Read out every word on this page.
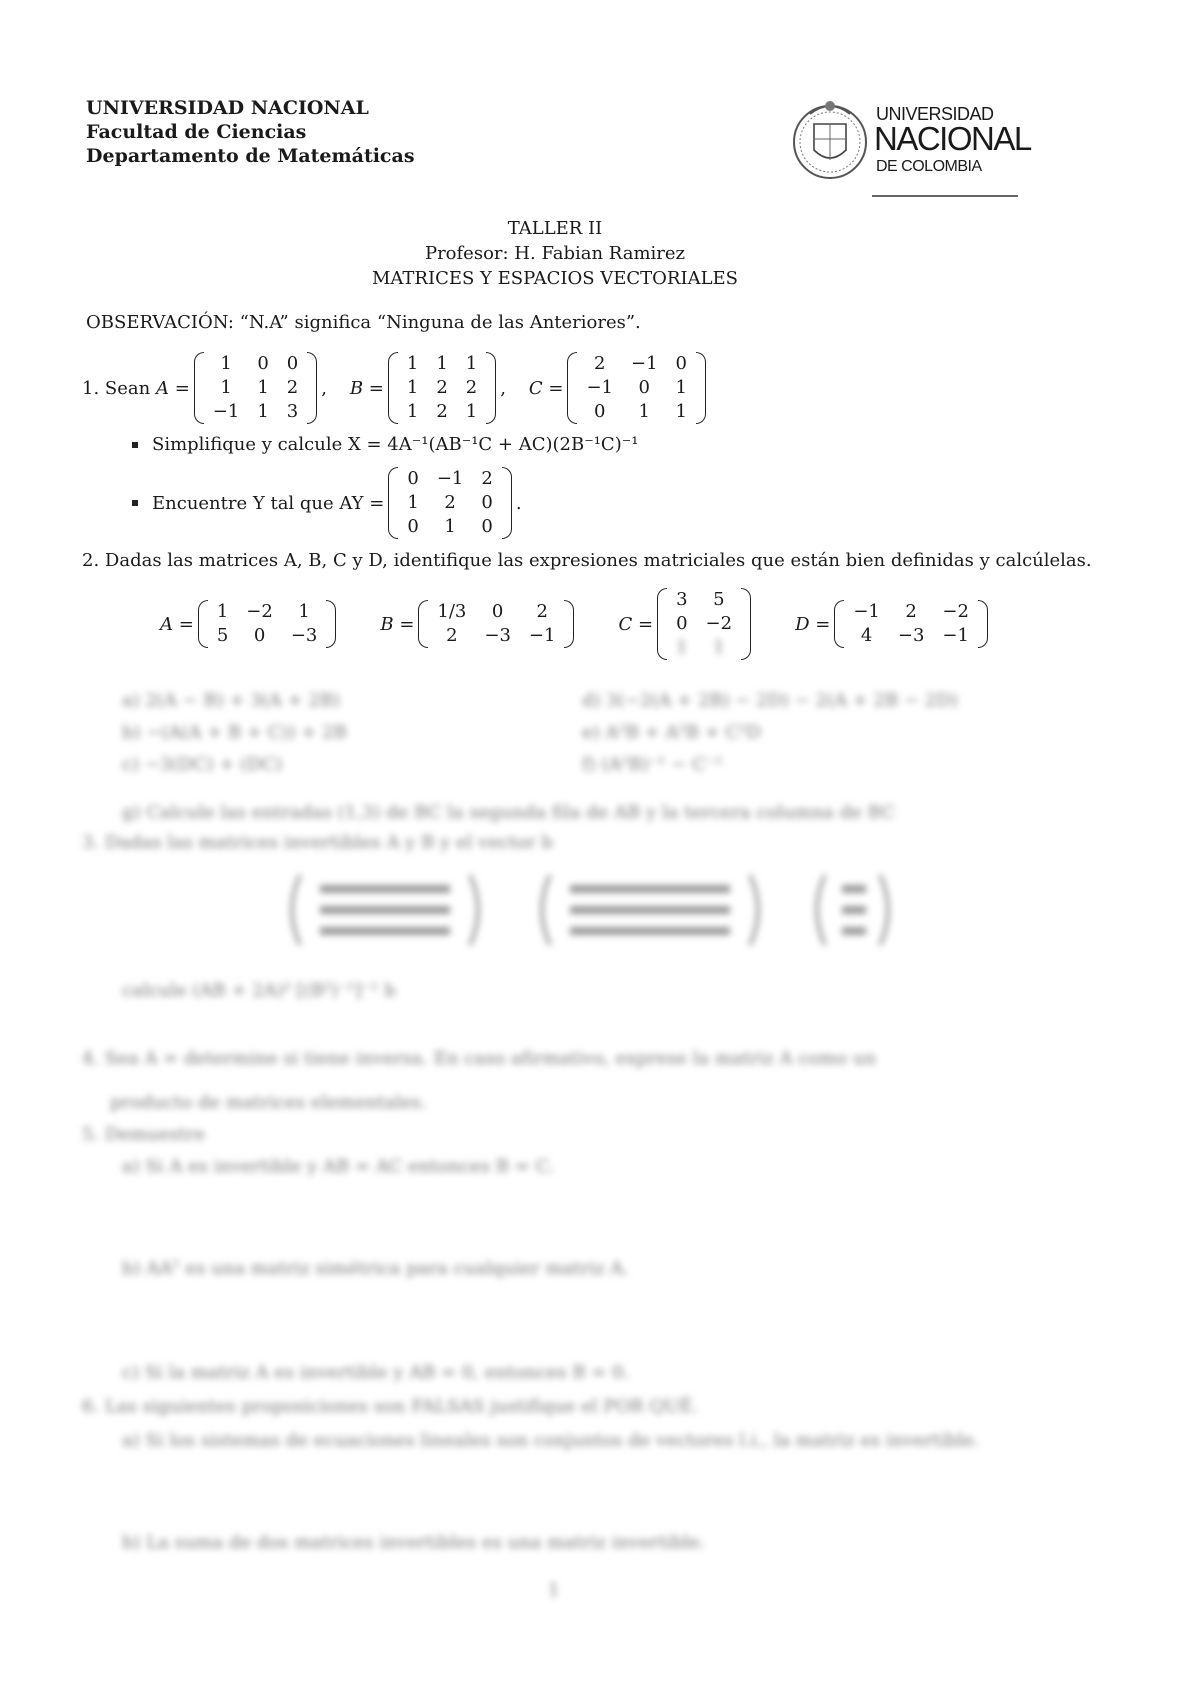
UNIVERSIDAD NACIONAL
Facultad de Ciencias
Departamento de Matemáticas
UNIVERSIDAD
NACIONAL
DE COLOMBIA
TALLER II
Profesor: H. Fabian Ramirez
MATRICES Y ESPACIOS VECTORIALES
OBSERVACIÓN: “N.A” significa “Ninguna de las Anteriores”.
1.
Sean
A =
1	0	0
1	1	2
−1	1	3
, B =
1	1	1
1	2	2
1	2	1
, C =
2	−1	0
−1	0	1
0	1	1
Simplifique y calcule X = 4A⁻¹(AB⁻¹C + AC)(2B⁻¹C)⁻¹
Encuentre Y tal que AY =
0	−1	2
1	2	0
0	1	0
.
2.
Dadas las matrices A, B, C y D, identifique las expresiones matriciales que están bien definidas y calcúlelas.
A =
1	−2	1
5	0	−3
B =
1/3	0	2
2	−3	−1
C =
3	5
0	−2
1	1
D =
−1	2	−2
4	−3	−1
a) 2(A − B) + 3(A + 2B)
b) −(A(A + B + C)) + 2B
c) −3(DC) + (DC)
d) 3(−2(A + 2B) − 2D) − 2(A + 2B − 2D)
e) A²B + A²B + C²D
f) (A²B)⁻¹ − C⁻¹
g) Calcule las entradas (1,3) de BC la segunda fila de AB y la tercera columna de BC
3. Dadas las matrices invertibles A y B y el vector b
calcule (AB + 2A)² [(B²)⁻¹]⁻¹ b
4. Sea A = determine si tiene inversa. En caso afirmativo, exprese la matriz A como un
producto de matrices elementales.
5. Demuestre
a) Si A es invertible y AB = AC entonces B = C.
b) AAᵀ es una matriz simétrica para cualquier matriz A.
c) Si la matriz A es invertible y AB = 0, entonces B = 0.
6. Las siguientes proposiciones son FALSAS justifique el POR QUÉ.
a) Si los sistemas de ecuaciones lineales son conjuntos de vectores l.i., la matriz es invertible.
b) La suma de dos matrices invertibles es una matriz invertible.
1
